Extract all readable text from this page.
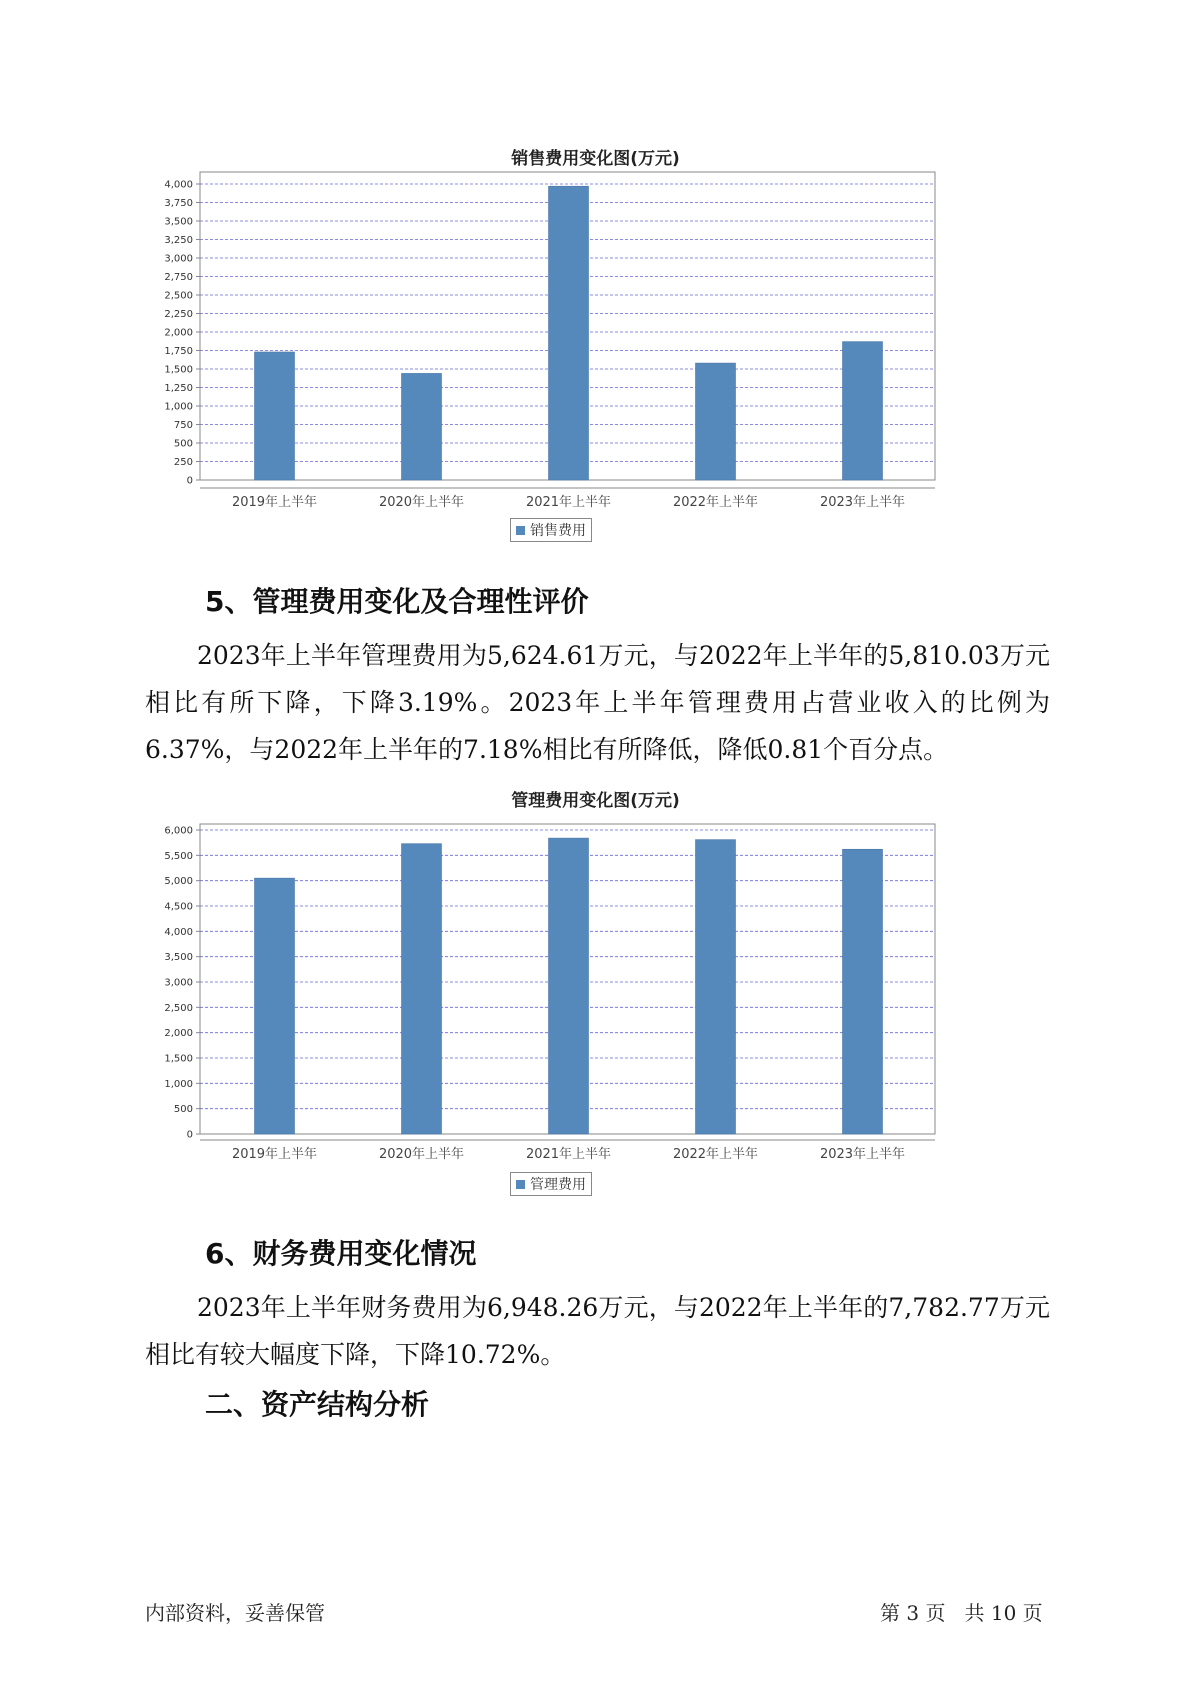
销售费用变化图(万元)
0
250
500
750
1,000
1,250
1,500
1,750
2,000
2,250
2,500
2,750
3,000
3,250
3,500
3,750
4,000
2019年上半年	2020年上半年	2021年上半年	2022年上半年	2023年上半年
销售费用
5、管理费用变化及合理性评价

2023年上半年管理费用为5,624.61万元，与2022年上半年的5,810.03万元相比有所下降，下降3.19%。2023年上半年管理费用占营业收入的比例为6.37%，与2022年上半年的7.18%相比有所降低，降低0.81个百分点。

管理费用变化图(万元)
0
500
1,000
1,500
2,000
2,500
3,000
3,500
4,000
4,500
5,000
5,500
6,000
2019年上半年	2020年上半年	2021年上半年	2022年上半年	2023年上半年
管理费用
6、财务费用变化情况

2023年上半年财务费用为6,948.26万元，与2022年上半年的7,782.77万元相比有较大幅度下降，下降10.72%。

二、资产结构分析
内部资料，妥善保管	第 3 页   共 10 页
